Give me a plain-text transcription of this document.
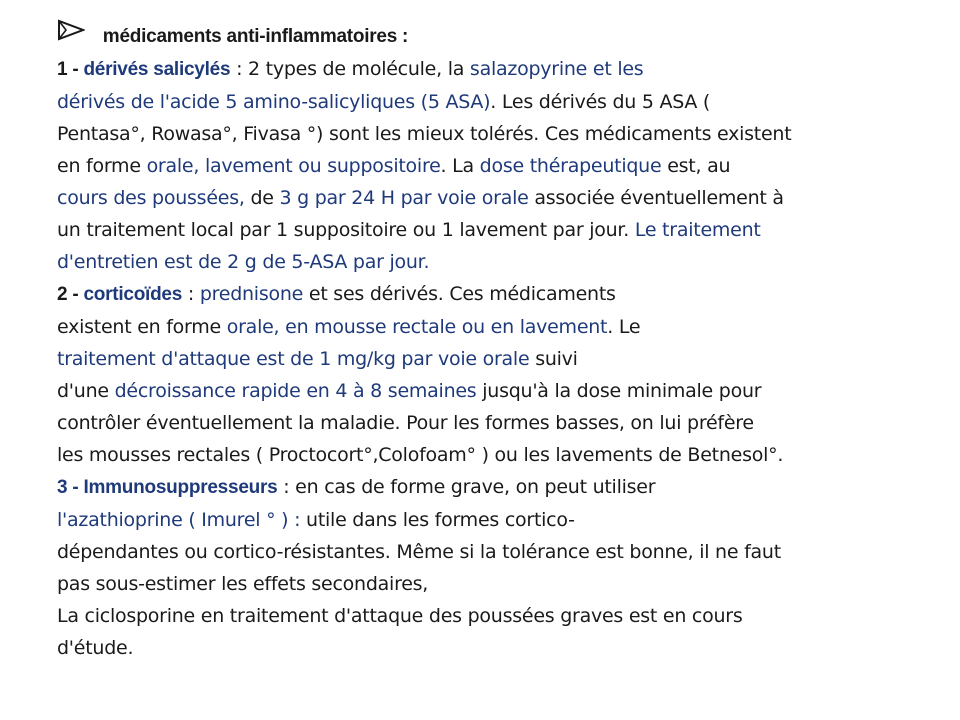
médicaments anti-inflammatoires :
1 - dérivés salicylés : 2 types de molécule, la salazopyrine et les
dérivés de l'acide 5 amino-salicyliques (5 ASA). Les dérivés du 5 ASA (
Pentasa°, Rowasa°, Fivasa °) sont les mieux tolérés. Ces médicaments existent
en forme orale, lavement ou suppositoire. La dose thérapeutique est, au
cours des poussées, de 3 g par 24 H par voie orale associée éventuellement à
un traitement local par 1 suppositoire ou 1 lavement par jour. Le traitement
d'entretien est de 2 g de 5-ASA par jour.
2 - corticoïdes : prednisone et ses dérivés. Ces médicaments
existent en forme orale, en mousse rectale ou en lavement. Le
traitement d'attaque est de 1 mg/kg par voie orale suivi
d'une décroissance rapide en 4 à 8 semaines jusqu'à la dose minimale pour
contrôler éventuellement la maladie. Pour les formes basses, on lui préfère
les mousses rectales ( Proctocort°,Colofoam° ) ou les lavements de Betnesol°.
3 - Immunosuppresseurs : en cas de forme grave, on peut utiliser
l'azathioprine ( Imurel ° ) : utile dans les formes cortico-
dépendantes ou cortico-résistantes. Même si la tolérance est bonne, il ne faut
pas sous-estimer les effets secondaires,
La ciclosporine en traitement d'attaque des poussées graves est en cours
d'étude.
